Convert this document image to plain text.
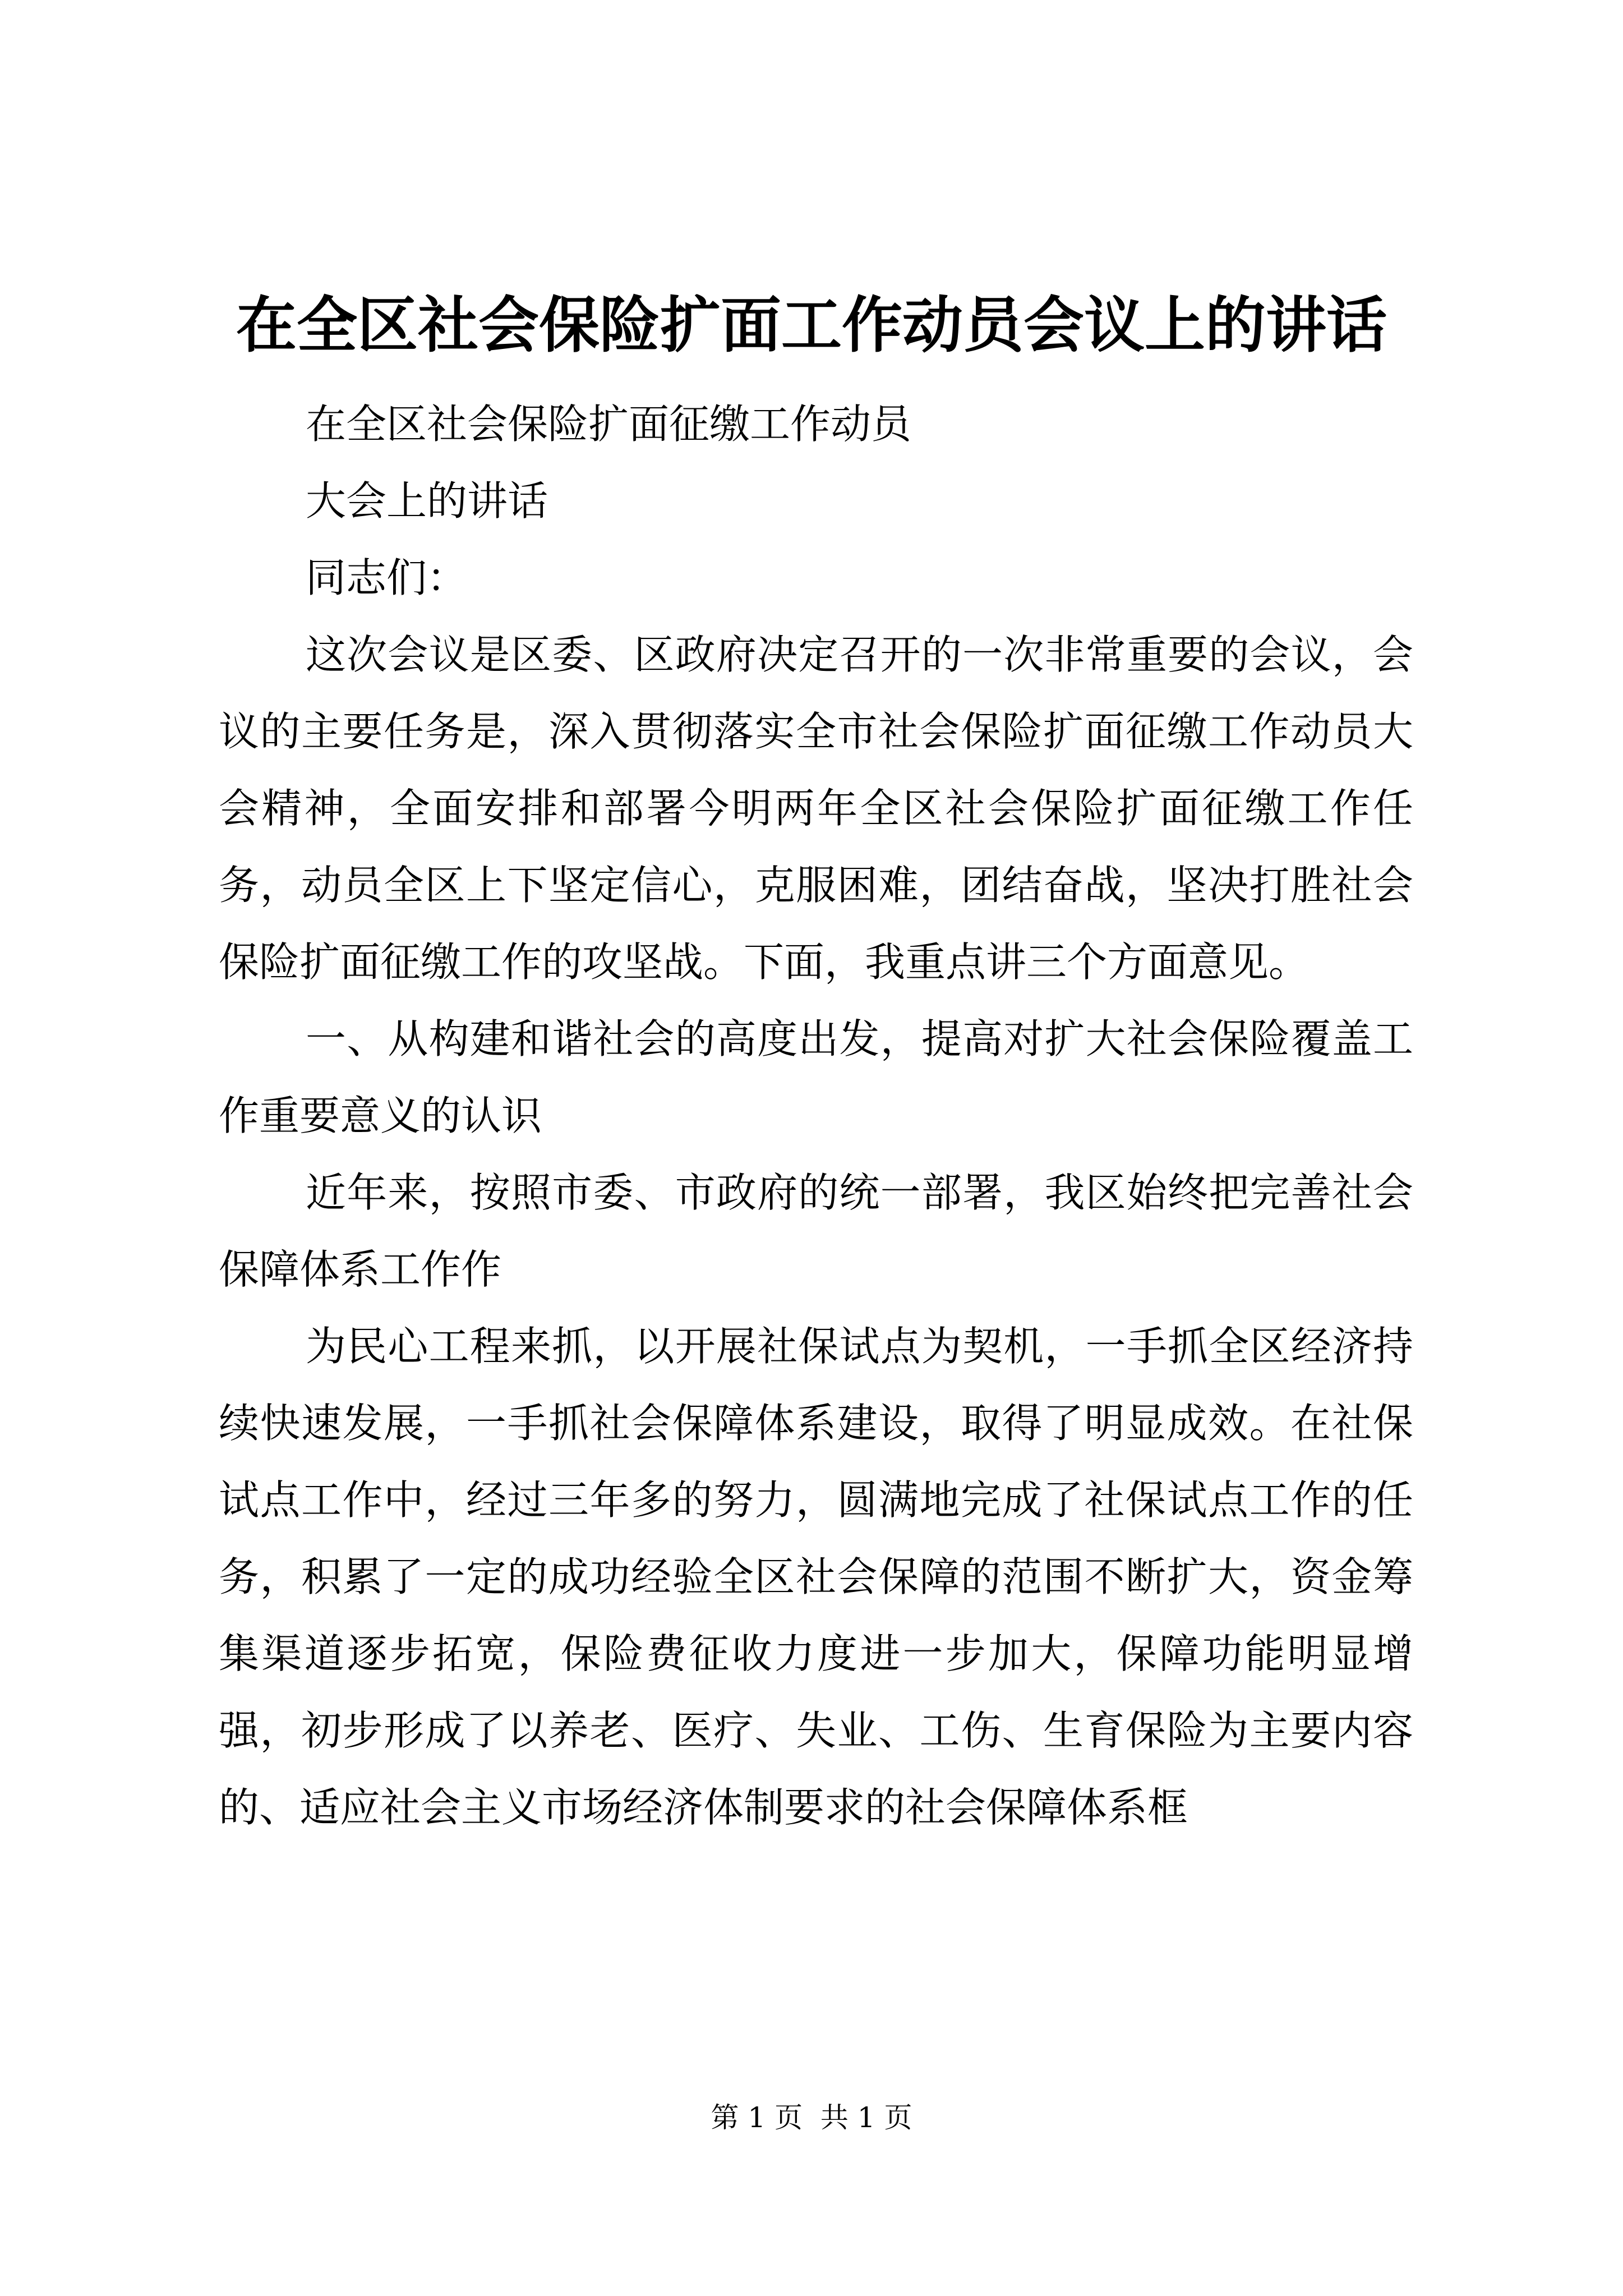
在全区社会保险扩面工作动员会议上的讲话

在全区社会保险扩面征缴工作动员

大会上的讲话

同志们：

这次会议是区委、区政府决定召开的一次非常重要的会议，会议的主要任务是，深入贯彻落实全市社会保险扩面征缴工作动员大会精神，全面安排和部署今明两年全区社会保险扩面征缴工作任务，动员全区上下坚定信心，克服困难，团结奋战，坚决打胜社会保险扩面征缴工作的攻坚战。下面，我重点讲三个方面意见。

一、从构建和谐社会的高度出发，提高对扩大社会保险覆盖工作重要意义的认识

近年来，按照市委、市政府的统一部署，我区始终把完善社会保障体系工作作

为民心工程来抓，以开展社保试点为契机，一手抓全区经济持续快速发展，一手抓社会保障体系建设，取得了明显成效。在社保试点工作中，经过三年多的努力，圆满地完成了社保试点工作的任务，积累了一定的成功经验全区社会保障的范围不断扩大，资金筹集渠道逐步拓宽，保险费征收力度进一步加大，保障功能明显增强，初步形成了以养老、医疗、失业、工伤、生育保险为主要内容的、适应社会主义市场经济体制要求的社会保障体系框

第 1 页  共 1 页
